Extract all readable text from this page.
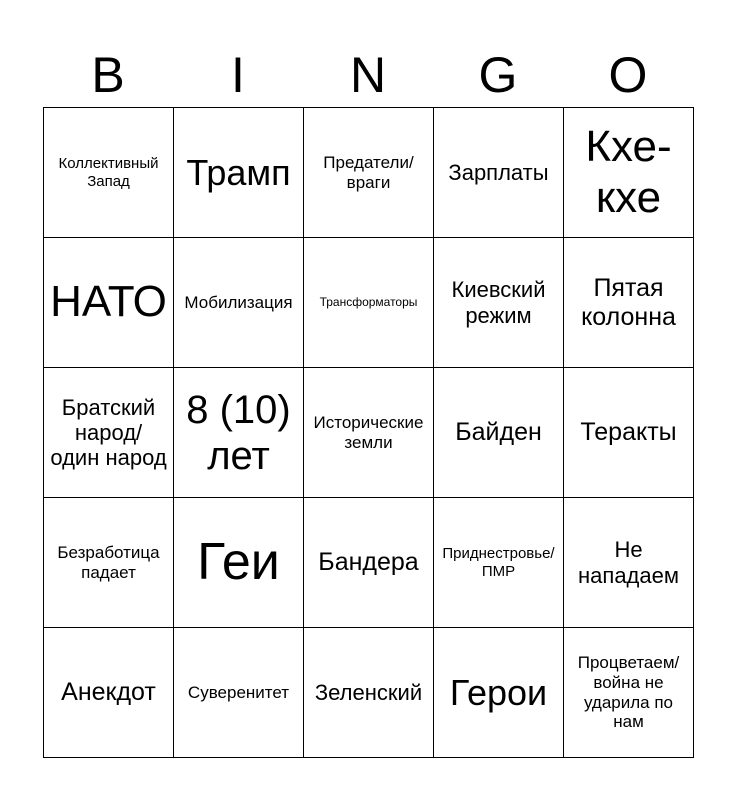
B	I	N	G	O
Коллективный Запад	Трамп	Предатели/ враги	Зарплаты	Кхе-кхе
НАТО	Мобилизация	Трансформаторы	Киевский режим	Пятая колонна
Братский народ/ один народ	8 (10) лет	Исторические земли	Байден	Теракты
Безработица падает	Геи	Бандера	Приднестровье/ ПМР	Не нападаем
Анекдот	Суверенитет	Зеленский	Герои	Процветаем/ война не ударила по нам
